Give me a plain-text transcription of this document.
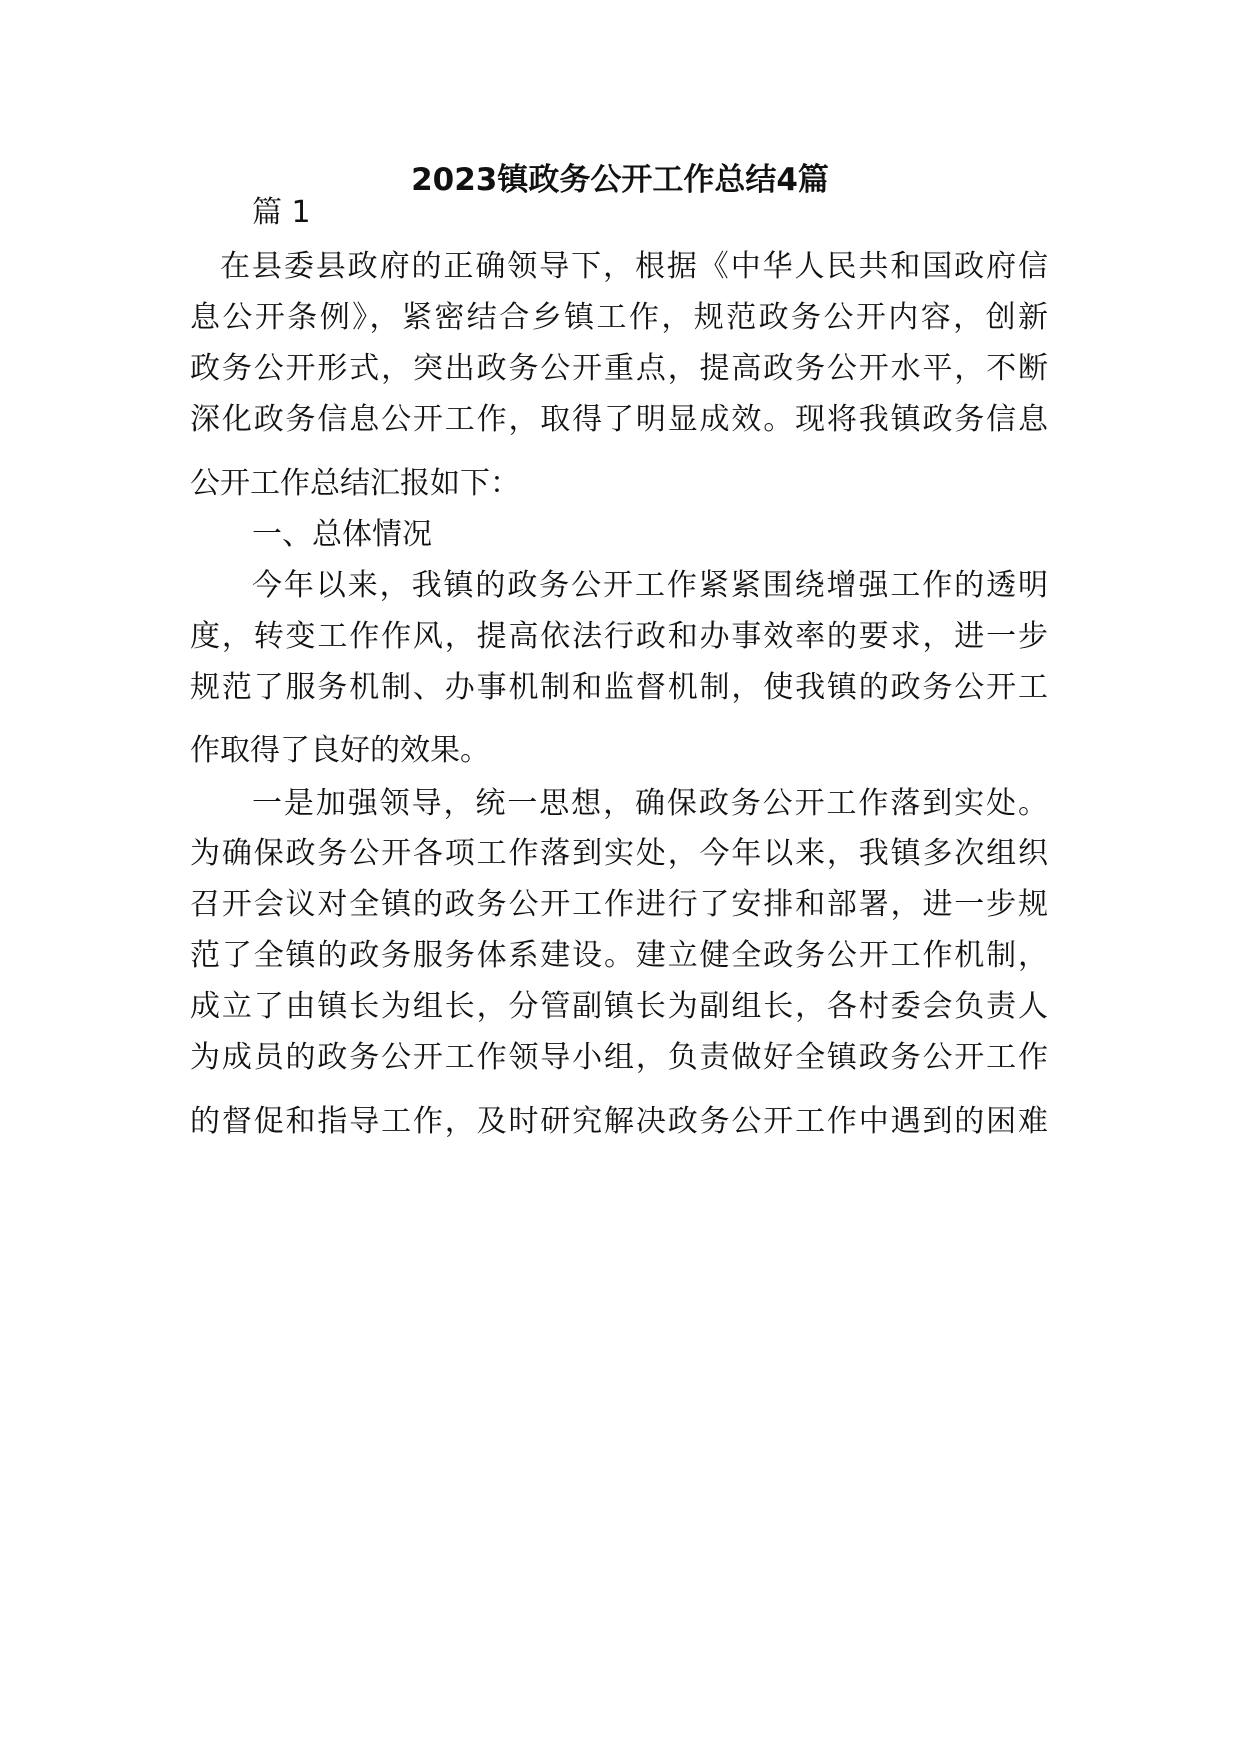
2023镇政务公开工作总结4篇
篇 1
在县委县政府的正确领导下，根据《中华人民共和国政府信
息公开条例》，紧密结合乡镇工作，规范政务公开内容，创新
政务公开形式，突出政务公开重点，提高政务公开水平，不断
深化政务信息公开工作，取得了明显成效。现将我镇政务信息
公开工作总结汇报如下：
一、总体情况
今年以来，我镇的政务公开工作紧紧围绕增强工作的透明
度，转变工作作风，提高依法行政和办事效率的要求，进一步
规范了服务机制、办事机制和监督机制，使我镇的政务公开工
作取得了良好的效果。
一是加强领导，统一思想，确保政务公开工作落到实处。
为确保政务公开各项工作落到实处，今年以来，我镇多次组织
召开会议对全镇的政务公开工作进行了安排和部署，进一步规
范了全镇的政务服务体系建设。建立健全政务公开工作机制，
成立了由镇长为组长，分管副镇长为副组长，各村委会负责人
为成员的政务公开工作领导小组，负责做好全镇政务公开工作
的督促和指导工作，及时研究解决政务公开工作中遇到的困难
